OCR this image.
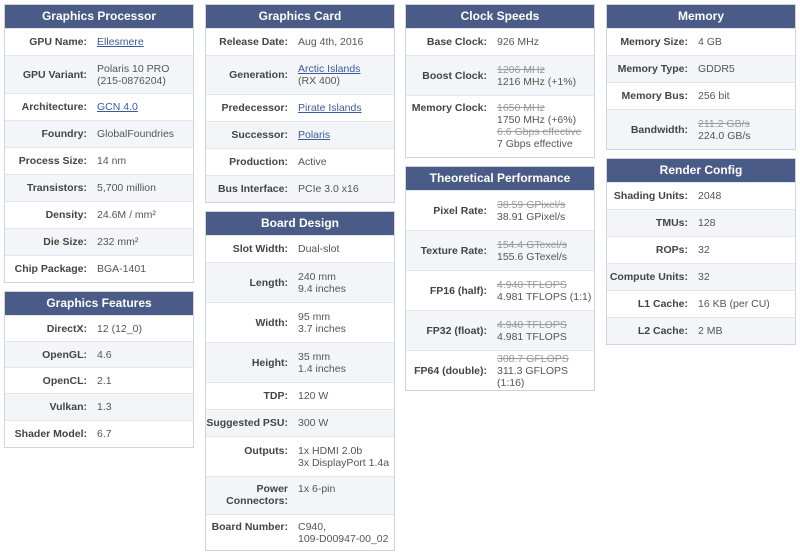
Graphics Processor
GPU Name: Ellesmere
GPU Variant: Polaris 10 PRO
(215-0876204)
Architecture: GCN 4.0
Foundry: GlobalFoundries
Process Size: 14 nm
Transistors: 5,700 million
Density: 24.6M / mm²
Die Size: 232 mm²
Chip Package: BGA-1401
Graphics Features
DirectX: 12 (12_0)
OpenGL: 4.6
OpenCL: 2.1
Vulkan: 1.3
Shader Model: 6.7
Graphics Card
Release Date: Aug 4th, 2016
Generation: Arctic Islands
(RX 400)
Predecessor: Pirate Islands
Successor: Polaris
Production: Active
Bus Interface: PCIe 3.0 x16
Board Design
Slot Width: Dual-slot
Length: 240 mm
9.4 inches
Width: 95 mm
3.7 inches
Height: 35 mm
1.4 inches
TDP: 120 W
Suggested PSU: 300 W
Outputs: 1x HDMI 2.0b
3x DisplayPort 1.4a
Power
Connectors:
1x 6-pin
Board Number: C940,
109-D00947-00_02
Clock Speeds
Base Clock: 926 MHz
Boost Clock: 1206 MHz
1216 MHz (+1%)
Memory Clock: 1650 MHz
1750 MHz (+6%)
6.6 Gbps effective
7 Gbps effective
Theoretical Performance
Pixel Rate: 38.59 GPixel/s
38.91 GPixel/s
Texture Rate: 154.4 GTexel/s
155.6 GTexel/s
FP16 (half): 4.940 TFLOPS
4.981 TFLOPS (1:1)
FP32 (float): 4.940 TFLOPS
4.981 TFLOPS
FP64 (double):
308.7 GFLOPS
311.3 GFLOPS (1:16)
Memory
Memory Size: 4 GB
Memory Type: GDDR5
Memory Bus: 256 bit
Bandwidth: 211.2 GB/s
224.0 GB/s
Render Config
Shading Units: 2048
TMUs: 128
ROPs: 32
Compute Units: 32
L1 Cache: 16 KB (per CU)
L2 Cache: 2 MB
